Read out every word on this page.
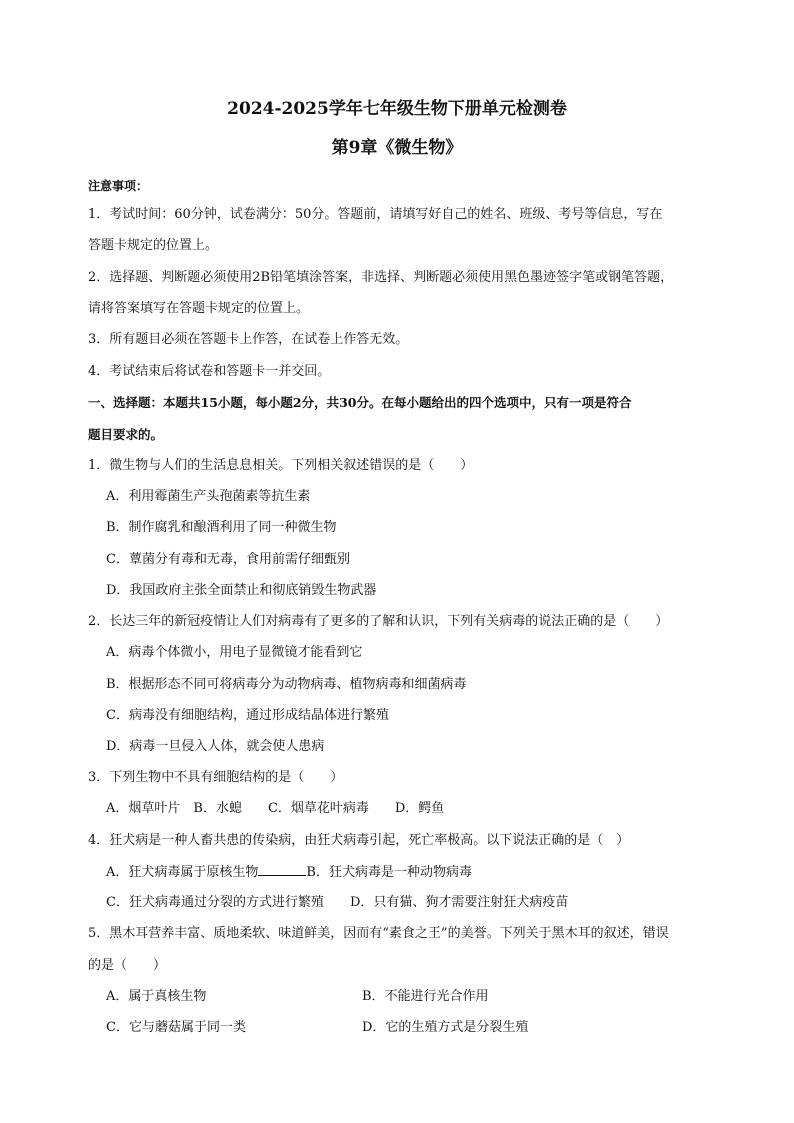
2024-2025学年七年级生物下册单元检测卷
第9章《微生物》
注意事项：
1．考试时间：60分钟，试卷满分：50分。答题前，请填写好自己的姓名、班级、考号等信息，写在
答题卡规定的位置上。
2．选择题、判断题必须使用2B铅笔填涂答案，非选择、判断题必须使用黑色墨迹签字笔或钢笔答题，
请将答案填写在答题卡规定的位置上。
3．所有题目必须在答题卡上作答，在试卷上作答无效。
4．考试结束后将试卷和答题卡一并交回。
一、选择题：本题共15小题，每小题2分，共30分。在每小题给出的四个选项中，只有一项是符合
题目要求的。
1．微生物与人们的生活息息相关。下列相关叙述错误的是（　　）
A．利用霉菌生产头孢菌素等抗生素
B．制作腐乳和酿酒利用了同一种微生物
C．蕈菌分有毒和无毒，食用前需仔细甄别
D．我国政府主张全面禁止和彻底销毁生物武器
2．长达三年的新冠疫情让人们对病毒有了更多的了解和认识，下列有关病毒的说法正确的是（　　）
A．病毒个体微小，用电子显微镜才能看到它
B．根据形态不同可将病毒分为动物病毒、植物病毒和细菌病毒
C．病毒没有细胞结构，通过形成结晶体进行繁殖
D．病毒一旦侵入人体，就会使人患病
3．下列生物中不具有细胞结构的是（　　）
A．烟草叶片　B．水螅　　C．烟草花叶病毒　　D．鳄鱼
4．狂犬病是一种人畜共患的传染病，由狂犬病毒引起，死亡率极高。以下说法正确的是（　）
A．狂犬病毒属于原核生物	B．狂犬病毒是一种动物病毒
C．狂犬病毒通过分裂的方式进行繁殖　　D．只有猫、狗才需要注射狂犬病疫苗
5．黑木耳营养丰富、质地柔软、味道鲜美，因而有“素食之王”的美誉。下列关于黑木耳的叙述，错误
的是（　　）
A．属于真核生物	B．不能进行光合作用
C．它与蘑菇属于同一类	D．它的生殖方式是分裂生殖
